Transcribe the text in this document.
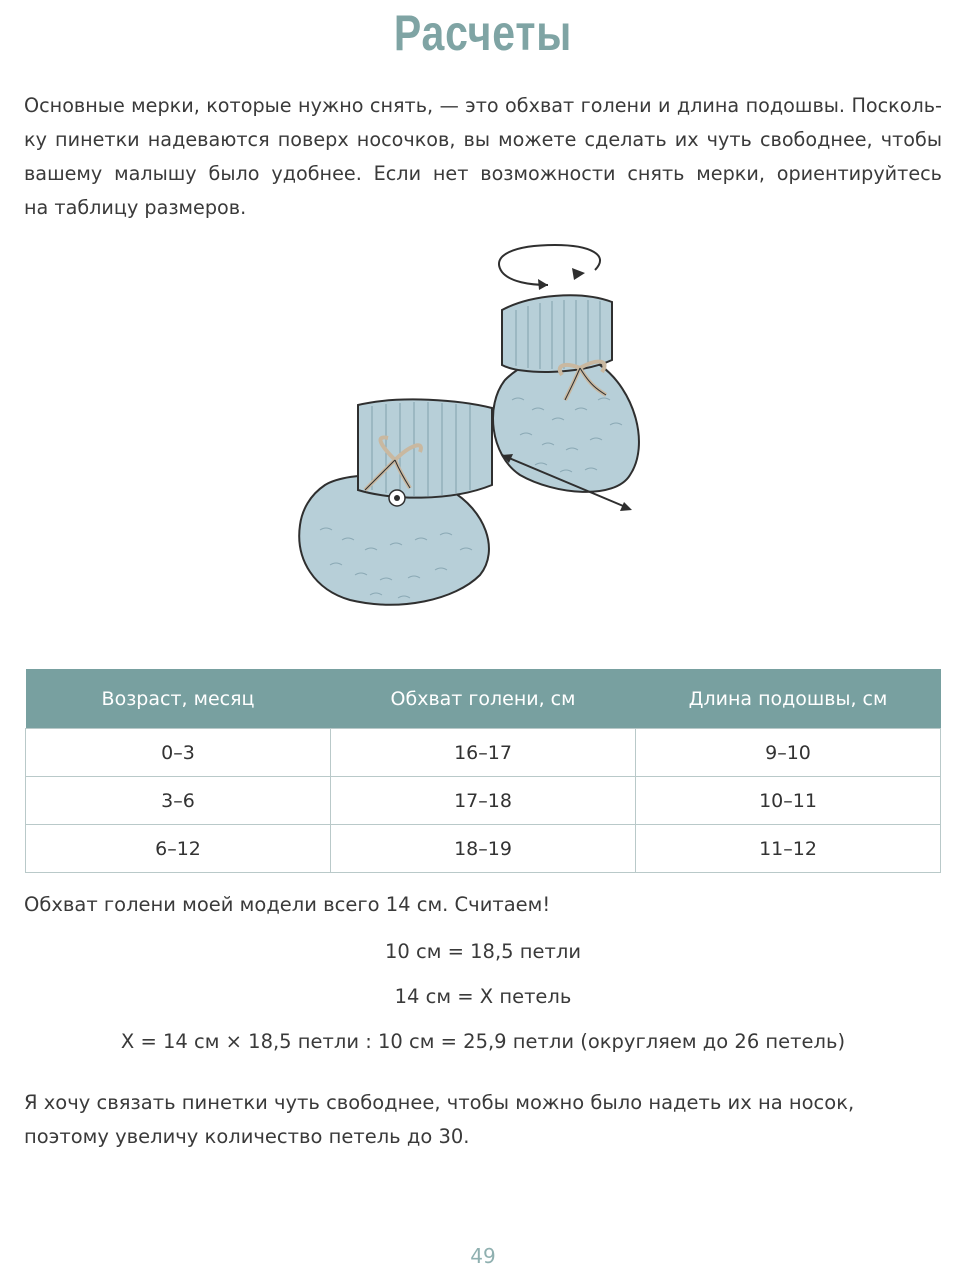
Расчеты
Основные мерки, которые нужно снять, — это обхват голени и длина подошвы. Посколь-
ку пинетки надеваются поверх носочков, вы можете сделать их чуть свободнее, чтобы
вашему малышу было удобнее. Если нет возможности снять мерки, ориентируйтесь
на таблицу размеров.
Возраст, месяц	Обхват голени, см	Длина подошвы, см
0–3	16–17	9–10
3–6	17–18	10–11
6–12	18–19	11–12
Обхват голени моей модели всего 14 см. Считаем!
10 см = 18,5 петли
14 см = Х петель
Х = 14 см × 18,5 петли : 10 см = 25,9 петли (округляем до 26 петель)
Я хочу связать пинетки чуть свободнее, чтобы можно было надеть их на носок,
поэтому увеличу количество петель до 30.
49
